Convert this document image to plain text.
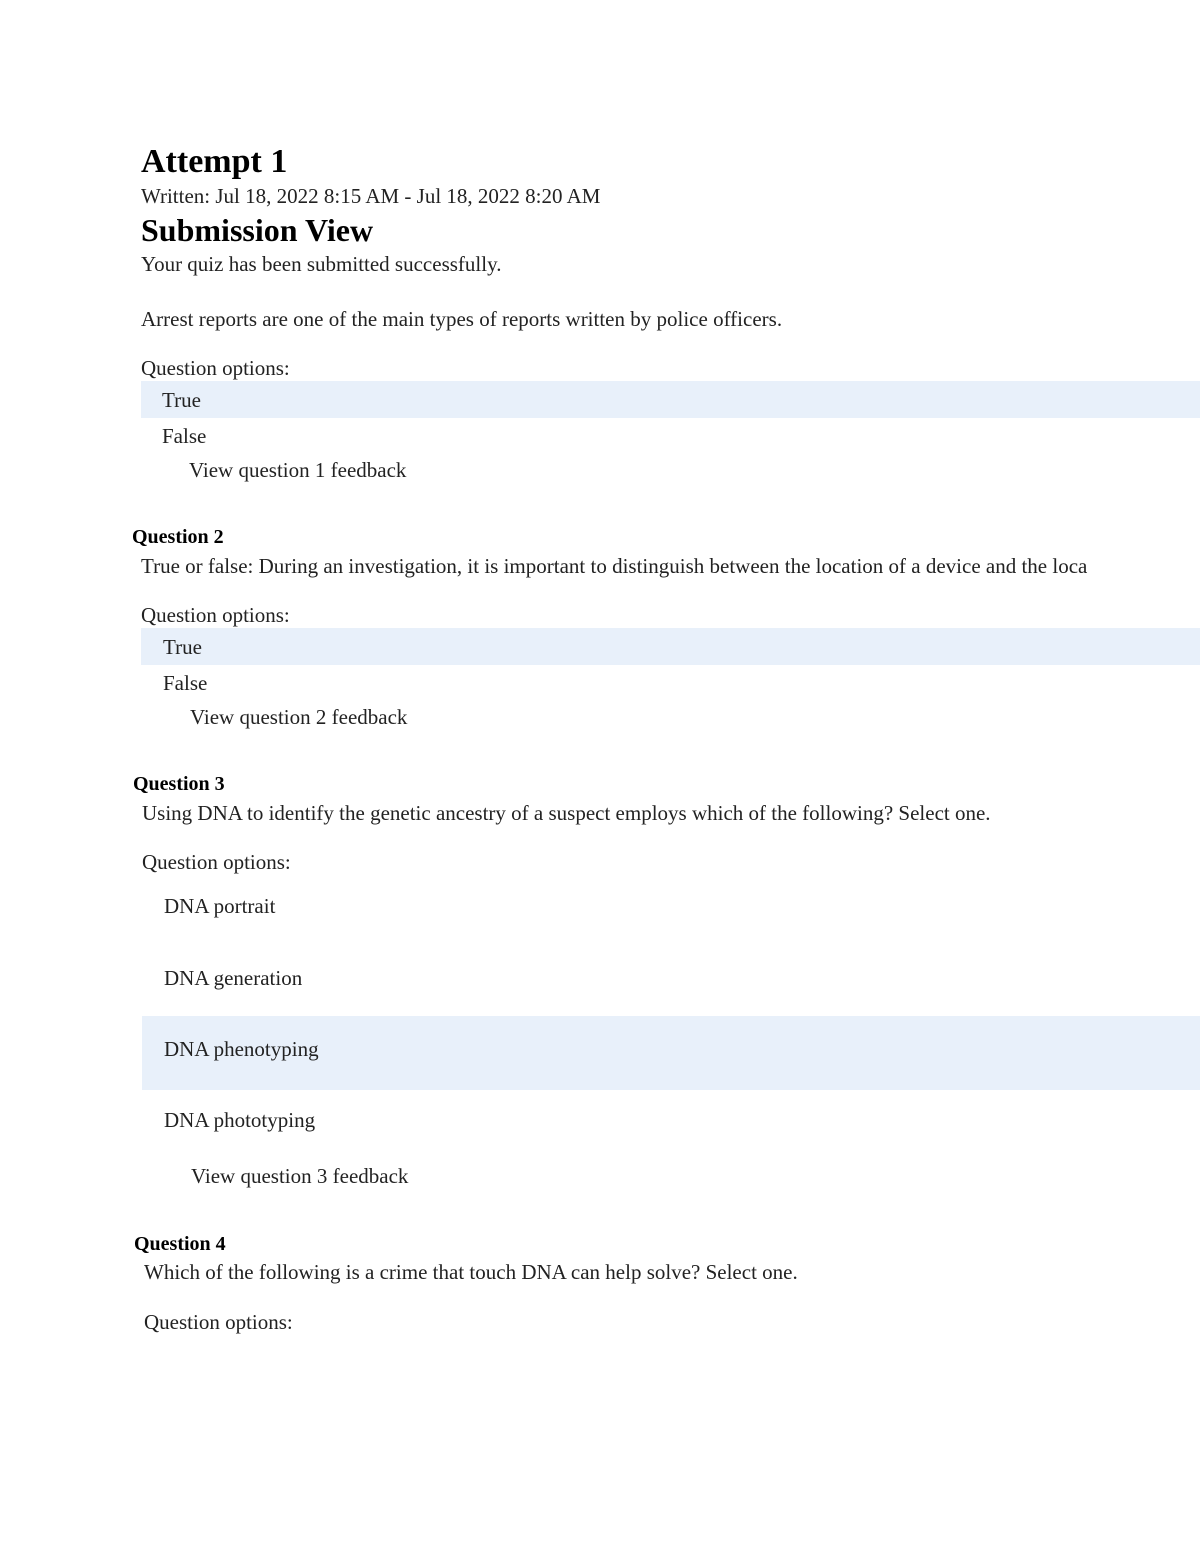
Attempt 1
Written: Jul 18, 2022 8:15 AM - Jul 18, 2022 8:20 AM
Submission View
Your quiz has been submitted successfully.
Arrest reports are one of the main types of reports written by police officers.
Question options:
True
False
View question 1 feedback
Question 2
True or false: During an investigation, it is important to distinguish between the location of a device and the loca
Question options:
True
False
View question 2 feedback
Question 3
Using DNA to identify the genetic ancestry of a suspect employs which of the following? Select one.
Question options:
DNA portrait
DNA generation
DNA phenotyping
DNA phototyping
View question 3 feedback
Question 4
Which of the following is a crime that touch DNA can help solve? Select one.
Question options:
